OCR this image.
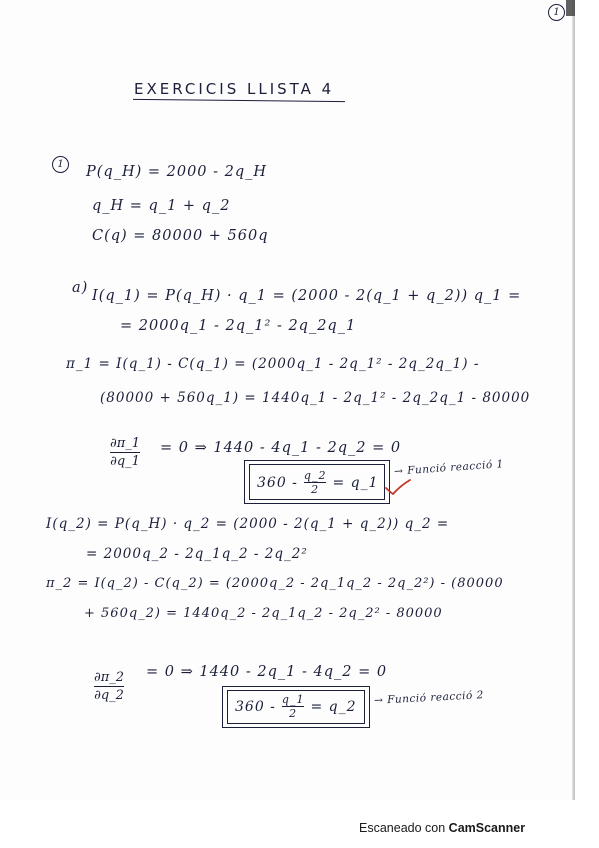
1
EXERCICIS LLISTA 4
1	P(q_H) = 2000 - 2q_H
q_H = q_1 + q_2
C(q) = 80000 + 560q
a) I(q_1) = P(q_H) · q_1 = (2000 - 2(q_1 + q_2)) q_1 =
= 2000q_1 - 2q_1² - 2q_2q_1
π_1 = I(q_1) - C(q_1) = (2000q_1 - 2q_1² - 2q_2q_1) -
(80000 + 560q_1) = 1440q_1 - 2q_1² - 2q_2q_1 - 80000
∂π_1
∂q_1
= 0 ⇒ 1440 - 4q_1 - 2q_2 = 0
360 - q_2
2 = q_1
→ Funció reacció 1
I(q_2) = P(q_H) · q_2 = (2000 - 2(q_1 + q_2)) q_2 =
= 2000q_2 - 2q_1q_2 - 2q_2²
π_2 = I(q_2) - C(q_2) = (2000q_2 - 2q_1q_2 - 2q_2²) - (80000
+ 560q_2) = 1440q_2 - 2q_1q_2 - 2q_2² - 80000
∂π_2
∂q_2
= 0 ⇒ 1440 - 2q_1 - 4q_2 = 0
360 - q_1
2 = q_2 → Funció reacció 2
Escaneado con CamScanner
